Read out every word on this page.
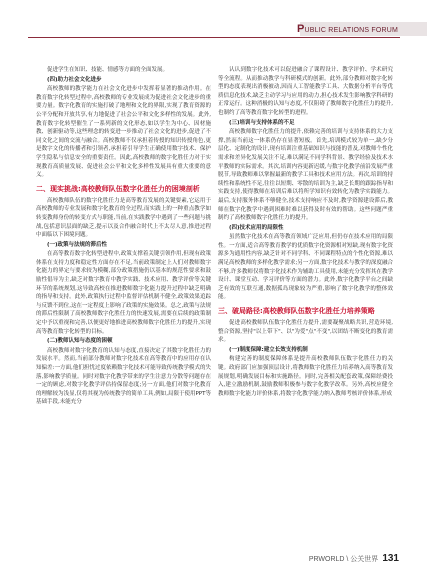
PUBLIC RELATIONS FORUM

促进学生在知识、技能、情感等方面的全面发展。

(四)助力社会文化进步

高校教师的教学能力在社会文化进步中发挥着显著的推动作用。在教育数字化转型过程中,高校教师的专业发展成为促进社会文化进步的重要力量。数字化教育的实施打破了地理和文化的界限,实现了教育资源的公平分配和开放共享,有力地促进了社会公平和文化多样性的发展。此外,教育数字化转型催生了一系列新的文化形态,如以学生为中心、因材施教、创新驱动等,这些理念的转变进一步推动了社会文化的进步,促进了不同文化之间的交流与融合。高校教师不仅承担着传授的知识传授角色,更是数字文化的传播者和引领者,承担着引导学生正确使用数字技术、保护学生隐私与信息安全的重要责任。因此,高校教师的数字化胜任力对于实现教育高质量发展、促进社会公平和文化多样性发展具有重大重要的意义。

二、现实挑战:高校教师队伍数字化胜任力的困境剖析

高校教师队伍的数字化胜任力是高等教育发展的关键要素,它运用于高校教师的专业发展和数字化教育的全过程,而实践上的一种重点教学如转变教师身份的转变方式与职能,当前,在实践教学中遇到了一些问题与挑战,包括意识层面的缺乏,提示以及合作融合时代上不太尽人意,推进过程中面临以下困境问题。

(一)政策与法规的滞后性

在高等教育数字化转型进程中,政策支撑着关键引领作用,但现有政策体系在支持力度和稳定性方面存在不足,当前政策制定上人们对教师数字化能力的界定与要求较为模糊,部分政策措施仍以基本的规范性要求和鼓励性倡导为主,缺乏对数字教育中教学实践、技术应用、教学评价等关键环节的系统规划,这导致高校在推进教师数字化能力提升过程中缺乏明确的指导和支持。此外,政策执行过程中监督评估机制不健全,政策效果追踪与反馈不到位,这在一定程度上影响了政策的实施效果。总之,政策与法规的滞后性限制了高校教师数字化胜任力的快速发展,需要在后续的政策制定中予以重视和完善,以便更好地推进高校教师数字化胜任力的提升,实现高等教育数字化转型的目标。

(二)教师认知与态度的困顿

高校教师对数字化教育的认知与态度,直接决定了其数字化胜任力的发展水平。然而,当前部分教师对数字化技术在高等教育中的应用存在认知偏差:一方面,他们担忧过度依赖数字化技术可能导致传统教学模式的失落,影响教学质量。同时对数字化教学带来的学生注意力分散等问题存在一定的顾虑,对数字化教学评估持保留态度;另一方面,他们对数字化教育的理解较为浅显,仅将其视为传统教学的简单工具,例如,局限于使用PPT等基础手段,未能充分

认认到数字化技术可以促进融合了课程设计、教学评价、学术研究等全流程。从而推动教学与科研模式的创新。此外,部分教师对数字化转型的态度表现出消极被动,因而人工智能教学工具、大数据分析平台等优质信息化技术,缺乏主动学习与应用的动力,担心技术发生影响教学科研的正常运行。这种消极的认知与态度,不仅阻碍了教师数字化胜任力的提升,也制约了高等教育数字化转型的进程。

(三)培训与支持体系的不足

高校教师数字化胜任力的提升,依赖完善的培训与支持体系的大力支撑,然而当前这一体系仍存在显著短板。首先,培训模式较为单一,缺少分层化、定制化的设计,现有培训注重基础知识与技能的普及,对教师个性化需求和差异化发展关注不足,难以满足不同学科背景、教学经验及技术水平教师的实际需求。其次,培训内容更新迟缓,与数字化教学前沿发展严重脱节,导致教师难以掌握最新的教学工具和技术应用方法。再次,培训的持续性和系统性不足,往往以短期、零散的培训为主,缺乏长期的跟踪指导和实践支持,使得教师在培训后难以将所学知识有效转化为教学实践能力。最后,支持服务体系不够健全,技术支持响应不及时,教学资源建设滞后,教师在数字化教学中遇到困难时难以获得及时有效的帮助。这些问题严重制约了高校教师数字化胜任力的提升。

(四)技术应用的局限性

虽然数字化技术在高等教育领域广泛应用,但仍存在技术应用的局限性。一方面,适合高等教育教学的优质数字化资源相对短缺,现有数字化资源多为通用性内容,缺乏针对不同学科、不同课程特点的个性化资源,难以满足高校教师的多样化教学需求;另一方面,数字化技术与教学的深度融合不够,许多教师仅将数字化技术作为辅助工具使用,未能充分发挥其在教学设计、课堂互动、学习评价等方面的潜力。此外,数字化教学平台之间缺乏有效的互联互通,数据孤岛现象较为严重,影响了数字化教学的整体效能。

三、破局路径:高校教师队伍数字化胜任力培养策略

促进高校教师队伍数字化胜任力提升,需要凝聚战略共识,营造环境,整合资源,坚持"以上带下"、以"为爱"点"不变",以团结不断变化的教育需求。

(一)制度保障:建立长效支持机制

构建完善的制度保障体系是提升高校教师队伍数字化胜任力的关键。政府部门应加强顶层设计,将教师数字化胜任力培养纳入高等教育发展规划,明确发展目标和实施路径。同时,完善相关配套政策,保障经费投入,建立激励机制,鼓励教师积极参与数字化教学改革。另外,高校应健全教师数字化能力评价体系,将数字化教学能力纳入教师考核评价体系,形成

PRWORLD \ 公关世界 131
